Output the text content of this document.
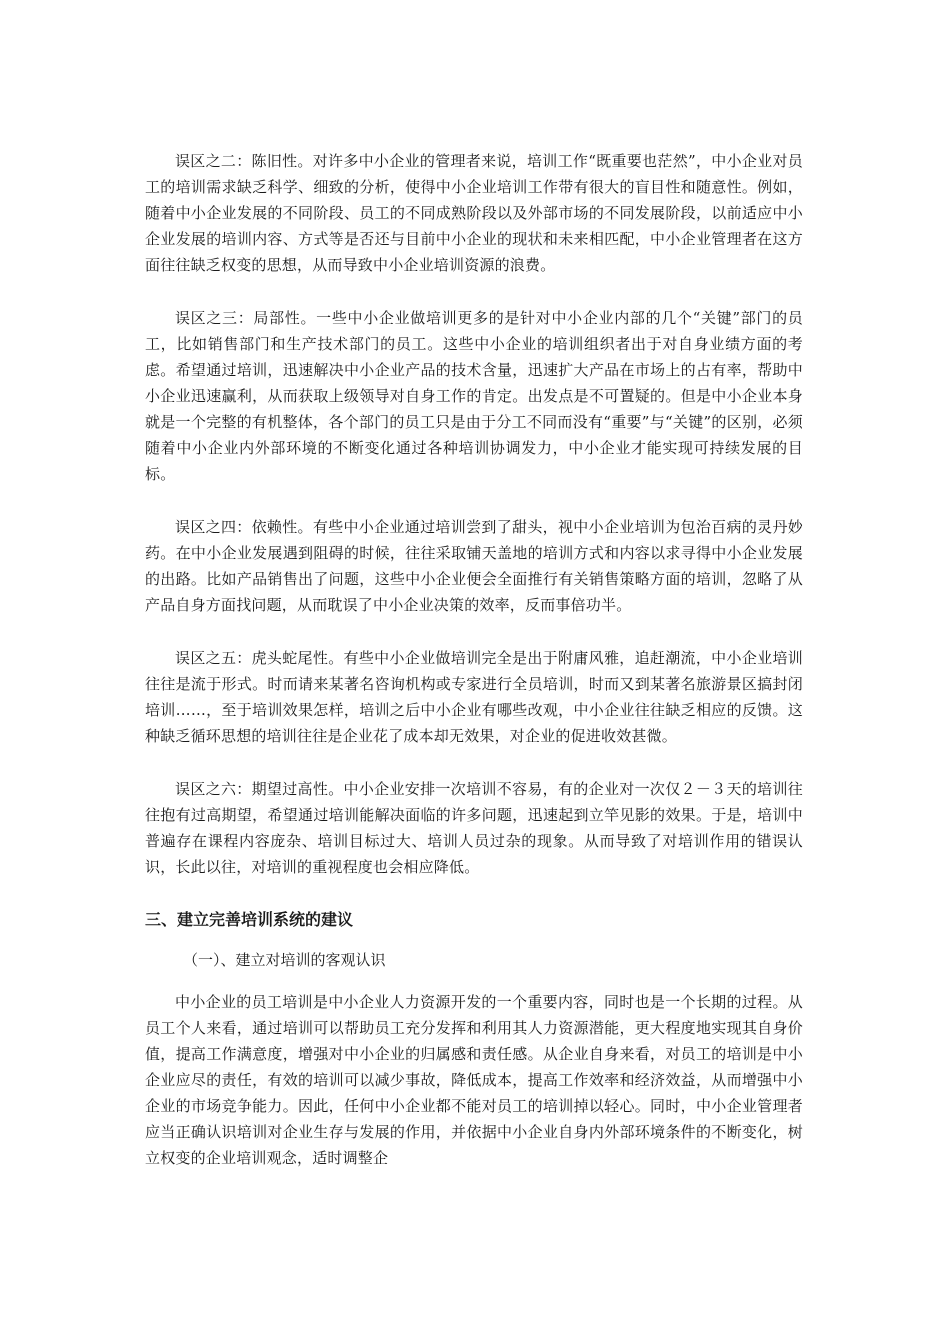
误区之二：陈旧性。对许多中小企业的管理者来说，培训工作“既重要也茫然”，中小企业对员工的培训需求缺乏科学、细致的分析，使得中小企业培训工作带有很大的盲目性和随意性。例如，随着中小企业发展的不同阶段、员工的不同成熟阶段以及外部市场的不同发展阶段，以前适应中小企业发展的培训内容、方式等是否还与目前中小企业的现状和未来相匹配，中小企业管理者在这方面往往缺乏权变的思想，从而导致中小企业培训资源的浪费。

误区之三：局部性。一些中小企业做培训更多的是针对中小企业内部的几个“关键”部门的员工，比如销售部门和生产技术部门的员工。这些中小企业的培训组织者出于对自身业绩方面的考虑。希望通过培训，迅速解决中小企业产品的技术含量，迅速扩大产品在市场上的占有率，帮助中小企业迅速赢利，从而获取上级领导对自身工作的肯定。出发点是不可置疑的。但是中小企业本身就是一个完整的有机整体，各个部门的员工只是由于分工不同而没有“重要”与“关键”的区别，必须随着中小企业内外部环境的不断变化通过各种培训协调发力，中小企业才能实现可持续发展的目标。

误区之四：依赖性。有些中小企业通过培训尝到了甜头，视中小企业培训为包治百病的灵丹妙药。在中小企业发展遇到阻碍的时候，往往采取铺天盖地的培训方式和内容以求寻得中小企业发展的出路。比如产品销售出了问题，这些中小企业便会全面推行有关销售策略方面的培训，忽略了从产品自身方面找问题，从而耽误了中小企业决策的效率，反而事倍功半。

误区之五：虎头蛇尾性。有些中小企业做培训完全是出于附庸风雅，追赶潮流，中小企业培训往往是流于形式。时而请来某著名咨询机构或专家进行全员培训，时而又到某著名旅游景区搞封闭培训……，至于培训效果怎样，培训之后中小企业有哪些改观，中小企业往往缺乏相应的反馈。这种缺乏循环思想的培训往往是企业花了成本却无效果，对企业的促进收效甚微。

误区之六：期望过高性。中小企业安排一次培训不容易，有的企业对一次仅２－３天的培训往往抱有过高期望，希望通过培训能解决面临的许多问题，迅速起到立竿见影的效果。于是，培训中普遍存在课程内容庞杂、培训目标过大、培训人员过杂的现象。从而导致了对培训作用的错误认识，长此以往，对培训的重视程度也会相应降低。

三、建立完善培训系统的建议

（一）、建立对培训的客观认识

中小企业的员工培训是中小企业人力资源开发的一个重要内容，同时也是一个长期的过程。从员工个人来看，通过培训可以帮助员工充分发挥和利用其人力资源潜能，更大程度地实现其自身价值，提高工作满意度，增强对中小企业的归属感和责任感。从企业自身来看，对员工的培训是中小企业应尽的责任，有效的培训可以减少事故，降低成本，提高工作效率和经济效益，从而增强中小企业的市场竞争能力。因此，任何中小企业都不能对员工的培训掉以轻心。同时，中小企业管理者应当正确认识培训对企业生存与发展的作用，并依据中小企业自身内外部环境条件的不断变化，树立权变的企业培训观念，适时调整企
